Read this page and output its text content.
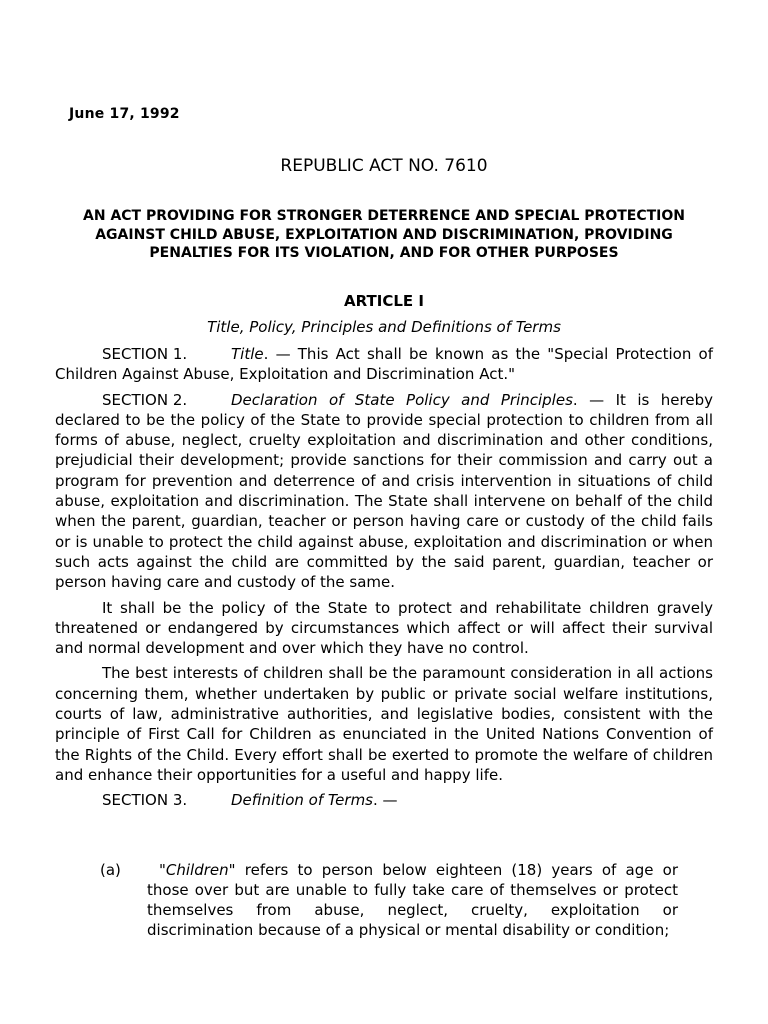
June 17, 1992
REPUBLIC ACT NO. 7610
AN ACT PROVIDING FOR STRONGER DETERRENCE AND SPECIAL PROTECTION AGAINST CHILD ABUSE, EXPLOITATION AND DISCRIMINATION, PROVIDING PENALTIES FOR ITS VIOLATION, AND FOR OTHER PURPOSES
ARTICLE I
Title, Policy, Principles and Definitions of Terms

SECTION 1.	Title. — This Act shall be known as the "Special Protection of Children Against Abuse, Exploitation and Discrimination Act."

SECTION 2.	Declaration of State Policy and Principles. — It is hereby declared to be the policy of the State to provide special protection to children from all forms of abuse, neglect, cruelty exploitation and discrimination and other conditions, prejudicial their development; provide sanctions for their commission and carry out a program for prevention and deterrence of and crisis intervention in situations of child abuse, exploitation and discrimination. The State shall intervene on behalf of the child when the parent, guardian, teacher or person having care or custody of the child fails or is unable to protect the child against abuse, exploitation and discrimination or when such acts against the child are committed by the said parent, guardian, teacher or person having care and custody of the same.

It shall be the policy of the State to protect and rehabilitate children gravely threatened or endangered by circumstances which affect or will affect their survival and normal development and over which they have no control.

The best interests of children shall be the paramount consideration in all actions concerning them, whether undertaken by public or private social welfare institutions, courts of law, administrative authorities, and legislative bodies, consistent with the principle of First Call for Children as enunciated in the United Nations Convention of the Rights of the Child. Every effort shall be exerted to promote the welfare of children and enhance their opportunities for a useful and happy life.

SECTION 3.	Definition of Terms. —

(a)	"Children" refers to person below eighteen (18) years of age or those over but are unable to fully take care of themselves or protect themselves from abuse, neglect, cruelty, exploitation or discrimination because of a physical or mental disability or condition;
